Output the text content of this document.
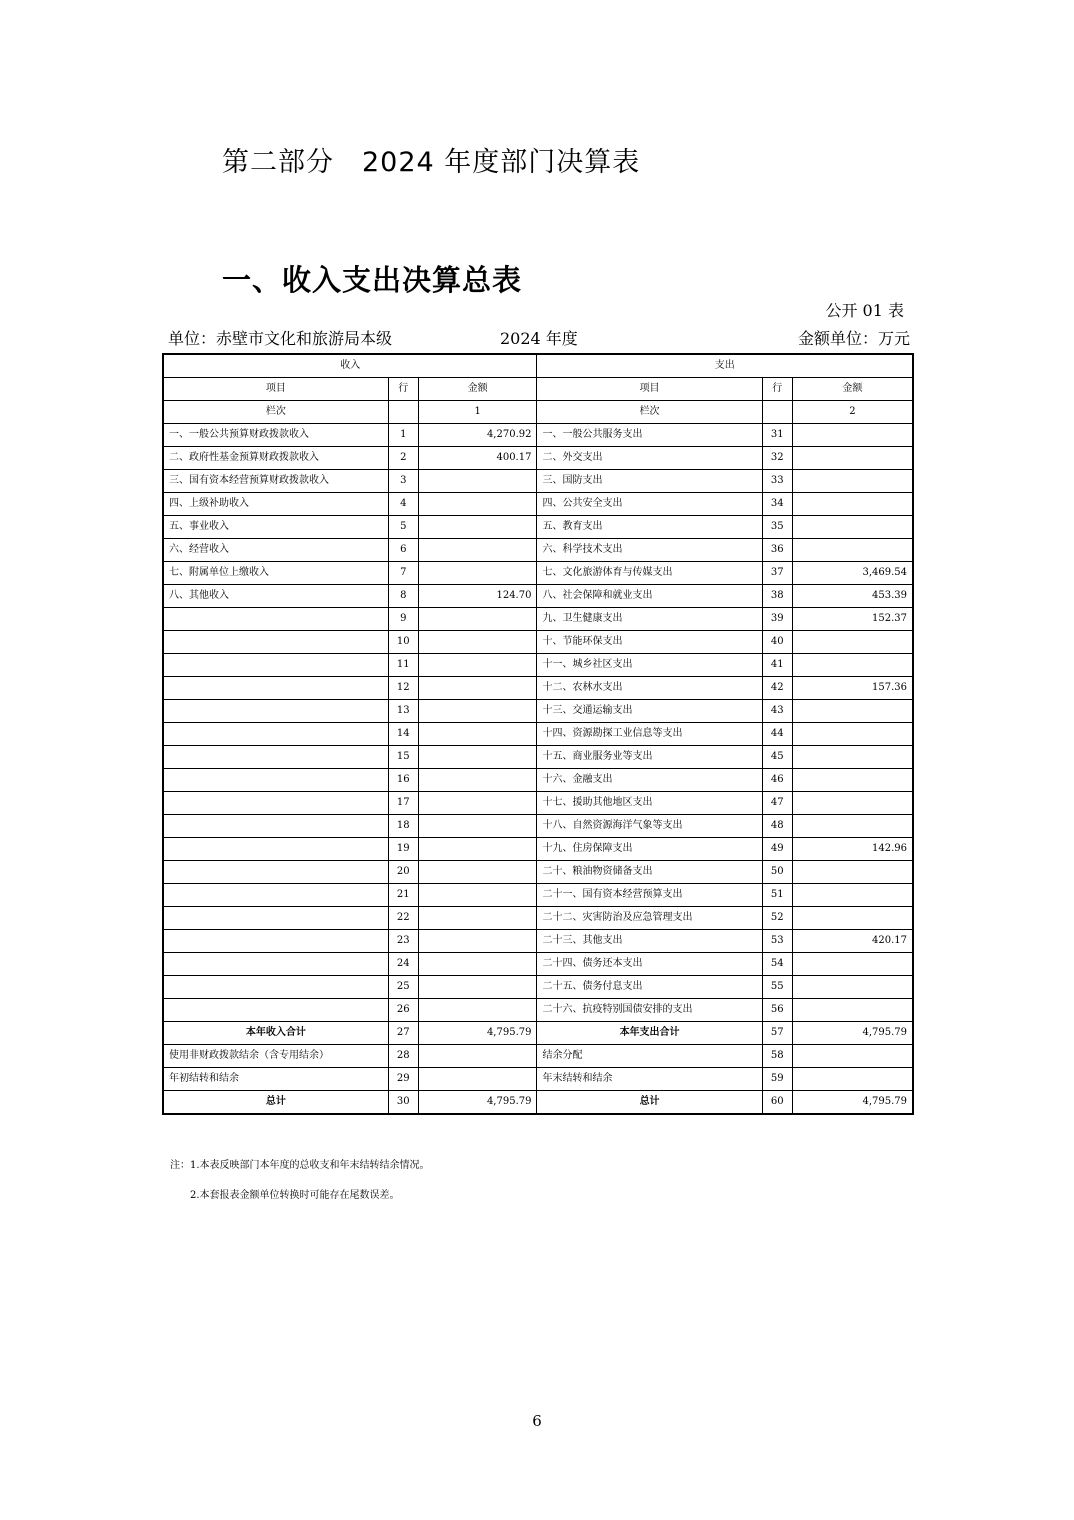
第二部分　2024 年度部门决算表
一、收入支出决算总表
公开 01 表
单位：赤壁市文化和旅游局本级	2024 年度	金额单位：万元
收入			支出		
项目	行	金额	项目	行	金额
栏次		1	栏次		2
一、一般公共预算财政拨款收入	1	4,270.92	一、一般公共服务支出	31	
二、政府性基金预算财政拨款收入	2	400.17	二、外交支出	32	
三、国有资本经营预算财政拨款收入	3		三、国防支出	33	
四、上级补助收入	4		四、公共安全支出	34	
五、事业收入	5		五、教育支出	35	
六、经营收入	6		六、科学技术支出	36	
七、附属单位上缴收入	7		七、文化旅游体育与传媒支出	37	3,469.54
八、其他收入	8	124.70	八、社会保障和就业支出	38	453.39
	9		九、卫生健康支出	39	152.37
	10		十、节能环保支出	40	
	11		十一、城乡社区支出	41	
	12		十二、农林水支出	42	157.36
	13		十三、交通运输支出	43	
	14		十四、资源勘探工业信息等支出	44	
	15		十五、商业服务业等支出	45	
	16		十六、金融支出	46	
	17		十七、援助其他地区支出	47	
	18		十八、自然资源海洋气象等支出	48	
	19		十九、住房保障支出	49	142.96
	20		二十、粮油物资储备支出	50	
	21		二十一、国有资本经营预算支出	51	
	22		二十二、灾害防治及应急管理支出	52	
	23		二十三、其他支出	53	420.17
	24		二十四、债务还本支出	54	
	25		二十五、债务付息支出	55	
	26		二十六、抗疫特别国债安排的支出	56	
本年收入合计	27	4,795.79	本年支出合计	57	4,795.79
使用非财政拨款结余（含专用结余）	28		结余分配	58	
年初结转和结余	29		年末结转和结余	59	
总计	30	4,795.79	总计	60	4,795.79
注：1.本表反映部门本年度的总收支和年末结转结余情况。
2.本套报表金额单位转换时可能存在尾数误差。
6
